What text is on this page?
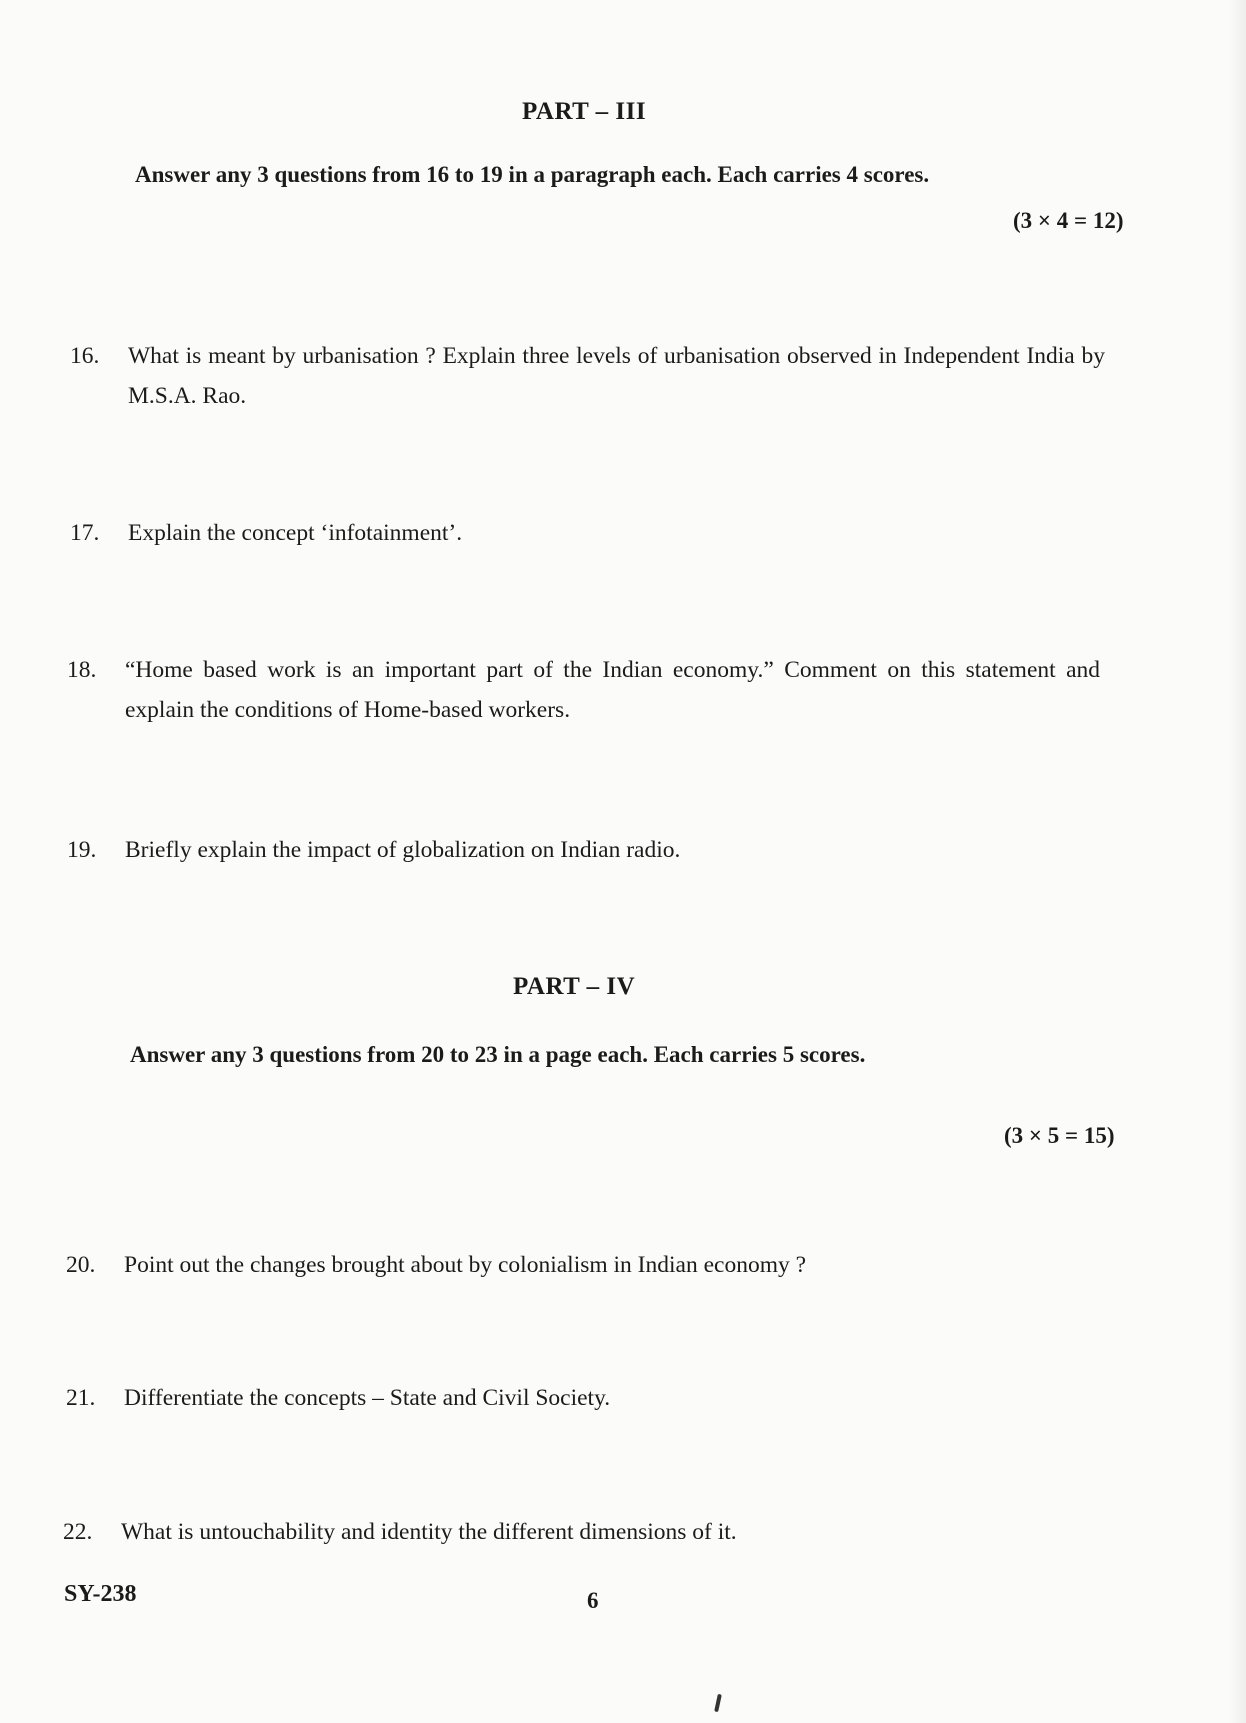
PART – III
Answer any 3 questions from 16 to 19 in a paragraph each. Each carries 4 scores.
(3 × 4 = 12)
16.	What is meant by urbanisation ? Explain three levels of urbanisation observed in Independent India by M.S.A. Rao.
17.	Explain the concept ‘infotainment’.
18.	“Home based work is an important part of the Indian economy.” Comment on this statement and explain the conditions of Home-based workers.
19.	Briefly explain the impact of globalization on Indian radio.
PART – IV
Answer any 3 questions from 20 to 23 in a page each. Each carries 5 scores.
(3 × 5 = 15)
20.	Point out the changes brought about by colonialism in Indian economy ?
21.	Differentiate the concepts – State and Civil Society.
22.	What is untouchability and identity the different dimensions of it.
SY-238	6
